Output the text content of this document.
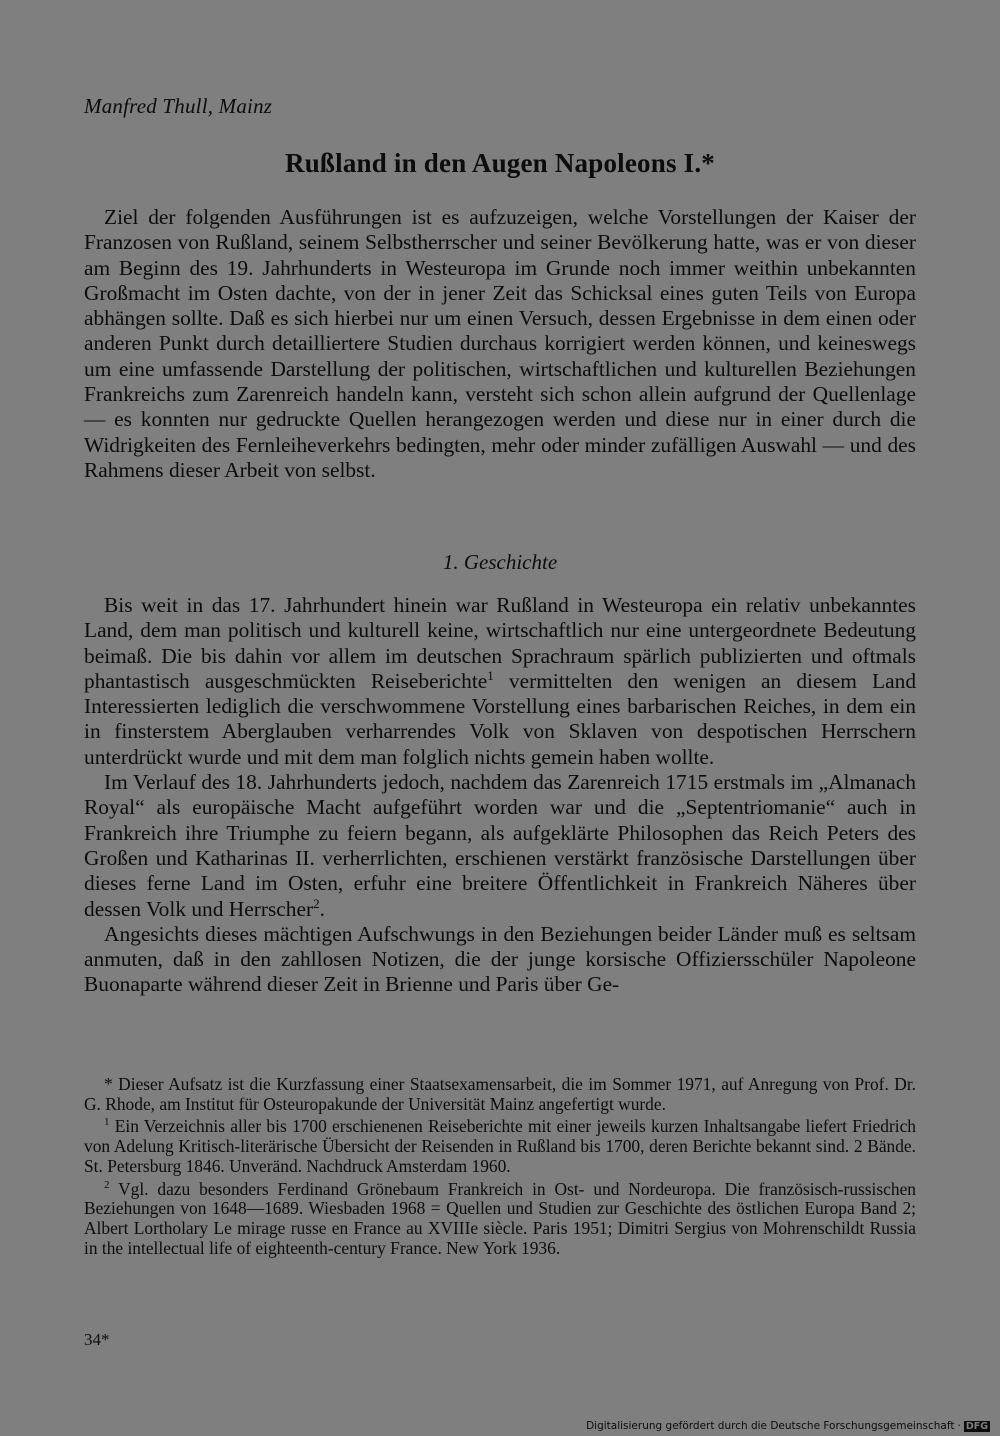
Manfred Thull, Mainz
Rußland in den Augen Napoleons I.*

Ziel der folgenden Ausführungen ist es aufzuzeigen, welche Vorstellungen der Kaiser der Franzosen von Rußland, seinem Selbstherrscher und seiner Bevölkerung hatte, was er von dieser am Beginn des 19. Jahrhunderts in Westeuropa im Grunde noch immer weithin unbekannten Großmacht im Osten dachte, von der in jener Zeit das Schicksal eines guten Teils von Europa abhängen sollte. Daß es sich hierbei nur um einen Versuch, dessen Ergebnisse in dem einen oder anderen Punkt durch detailliertere Studien durchaus korrigiert werden können, und keineswegs um eine umfassende Darstellung der politischen, wirtschaftlichen und kulturellen Beziehungen Frankreichs zum Zarenreich handeln kann, versteht sich schon allein aufgrund der Quellenlage — es konnten nur gedruckte Quellen herangezogen werden und diese nur in einer durch die Widrigkeiten des Fernleiheverkehrs bedingten, mehr oder minder zufälligen Auswahl — und des Rahmens dieser Arbeit von selbst.

1. Geschichte

Bis weit in das 17. Jahrhundert hinein war Rußland in Westeuropa ein relativ unbekanntes Land, dem man politisch und kulturell keine, wirtschaftlich nur eine untergeordnete Bedeutung beimaß. Die bis dahin vor allem im deutschen Sprachraum spärlich publizierten und oftmals phantastisch ausgeschmückten Reiseberichte$^1$ vermittelten den wenigen an diesem Land Interessierten lediglich die verschwommene Vorstellung eines barbarischen Reiches, in dem ein in finsterstem Aberglauben verharrendes Volk von Sklaven von despotischen Herrschern unterdrückt wurde und mit dem man folglich nichts gemein haben wollte.

Im Verlauf des 18. Jahrhunderts jedoch, nachdem das Zarenreich 1715 erstmals im „Almanach Royal“ als europäische Macht aufgeführt worden war und die „Septentriomanie“ auch in Frankreich ihre Triumphe zu feiern begann, als aufgeklärte Philosophen das Reich Peters des Großen und Katharinas II. verherrlichten, erschienen verstärkt französische Darstellungen über dieses ferne Land im Osten, erfuhr eine breitere Öffentlichkeit in Frankreich Näheres über dessen Volk und Herrscher$^2$.

Angesichts dieses mächtigen Aufschwungs in den Beziehungen beider Länder muß es seltsam anmuten, daß in den zahllosen Notizen, die der junge korsische Offiziersschüler Napoleone Buonaparte während dieser Zeit in Brienne und Paris über Ge-

* Dieser Aufsatz ist die Kurzfassung einer Staatsexamensarbeit, die im Sommer 1971, auf Anregung von Prof. Dr. G. Rhode, am Institut für Osteuropakunde der Universität Mainz angefertigt wurde.

$^1$ Ein Verzeichnis aller bis 1700 erschienenen Reiseberichte mit einer jeweils kurzen Inhaltsangabe liefert Friedrich von Adelung Kritisch-literärische Übersicht der Reisenden in Rußland bis 1700, deren Berichte bekannt sind. 2 Bände. St. Petersburg 1846. Unveränd. Nachdruck Amsterdam 1960.

$^2$ Vgl. dazu besonders Ferdinand Grönebaum Frankreich in Ost- und Nordeuropa. Die französisch-russischen Beziehungen von 1648—1689. Wiesbaden 1968 = Quellen und Studien zur Geschichte des östlichen Europa Band 2; Albert Lortholary Le mirage russe en France au XVIIIe siècle. Paris 1951; Dimitri Sergius von Mohrenschildt Russia in the intellectual life of eighteenth-century France. New York 1936.

34*
Digitalisierung gefördert durch die Deutsche Forschungsgemeinschaft · DFG
